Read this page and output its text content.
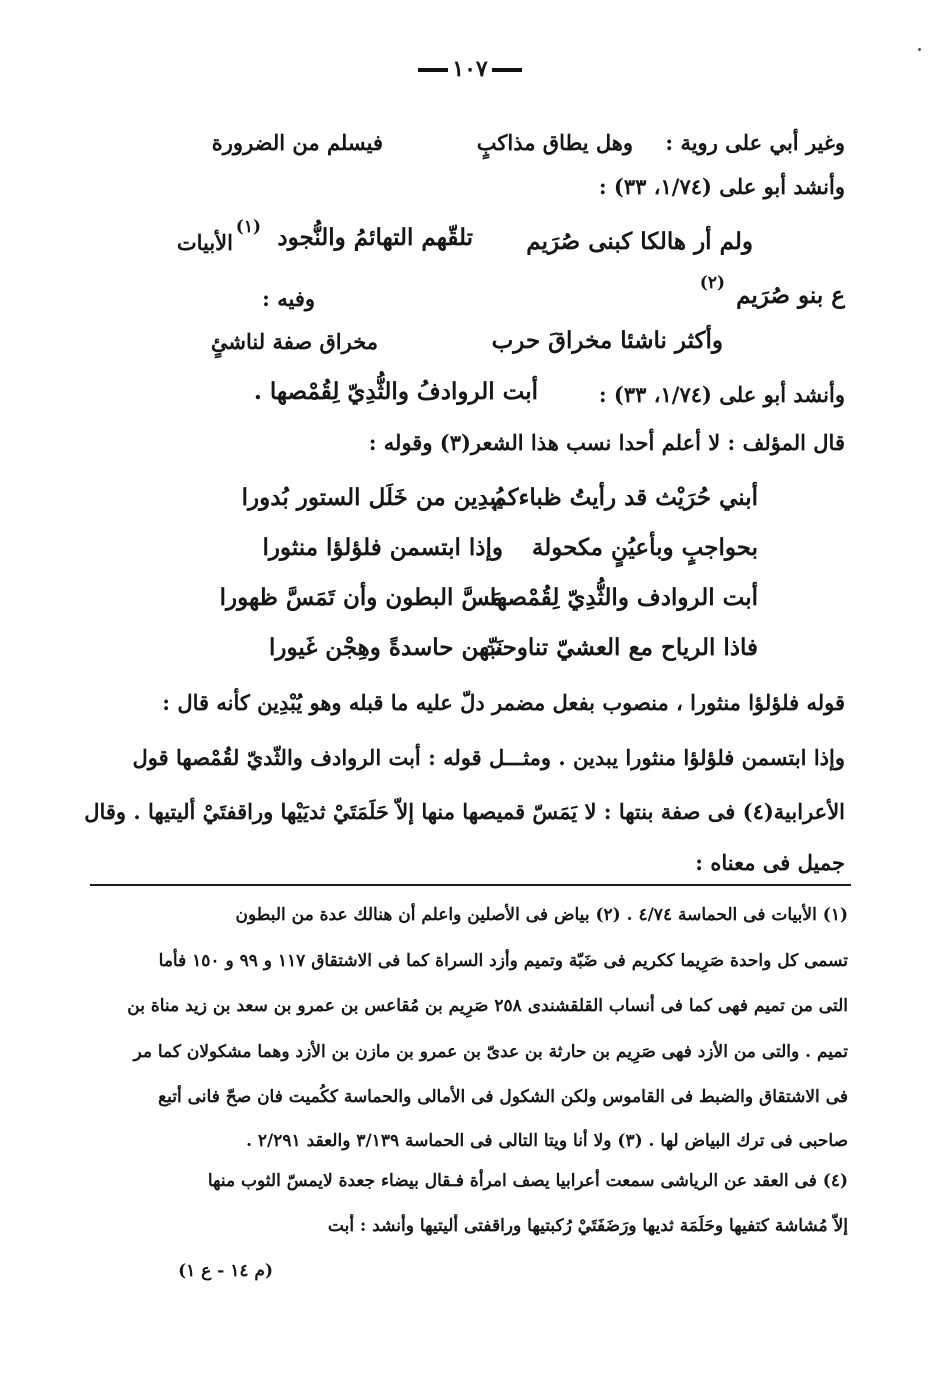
١٠٧
وغير أبي على روية :
وهل يطاق مذاكبٍ
فيسلم من الضرورة
وأنشد أبو على (١/٧٤، ٣٣) :
ولم أر هالكا كبنى صُرَيم
تلقّهم التهائمُ والنُّجود
(١)
الأبيات
ع بنو صُرَيم
(٢)
وفيه :
وأكثر ناشئا مخراقَ حرب
مخراق صفة لناشئٍ
وأنشد أبو على (١/٧٤، ٣٣) :
أبت الروادفُ والثُّدِيّ لِقُمْصها .
قال المؤلف : لا أعلم أحدا نسب هذا الشعر(٣) وقوله :
أبني حُرَيْث قد رأيتُ ظباءكم
يُبدِين من خَلَل الستور بُدورا
بحواجبٍ وبأعيُنٍ مكحولة
وإذا ابتسمن فلؤلؤا منثورا
أبت الروادف والثُّدِيّ لِقُمْصها
مَسَّ البطون وأن تَمَسَّ ظهورا
فاذا الرياح مع العشيّ تناوحت
نَبّهن حاسدةً وهِجْن غَيورا
قوله فلؤلؤا منثورا ، منصوب بفعل مضمر دلّ عليه ما قبله وهو يُبْدِين كأنه قال :
وإذا ابتسمن فلؤلؤا منثورا يبدين . ومثـــل قوله : أبت الروادف والثّديّ لقُمْصها قول
الأعرابية(٤) فى صفة بنتها : لا يَمَسّ قميصها منها إلاّ حَلَمَتَيْ ثديَيْها وراقفتَيْ أليتيها . وقال
جميل فى معناه :
(١) الأبيات فى الحماسة ٤/٧٤ . (٢) بياض فى الأصلين واعلم أن هنالك عدة من البطون
تسمى كل واحدة صَرِيما ككريم فى ضَبّة وتميم وأزد السراة كما فى الاشتقاق ١١٧ و ٩٩ و ١٥٠ فأما
التى من تميم فهى كما فى أنساب القلقشندى ٢٥٨ صَرِيم بن مُقاعس بن عمرو بن سعد بن زيد مناة بن
تميم . والتى من الأزد فهى صَرِيم بن حارثة بن عدىّ بن عمرو بن مازن بن الأزد وهما مشكولان كما مر
فى الاشتقاق والضبط فى القاموس ولكن الشكول فى الأمالى والحماسة ككُميت فان صحّ فانى أتبع
صاحبى فى ترك البياض لها . (٣) ولا أنا ويتا التالى فى الحماسة ٣/١٣٩ والعقد ٢/٢٩١ .
(٤) فى العقد عن الرياشى سمعت أعرابيا يصف امرأة فـقال بيضاء جعدة لايمسّ الثوب منها
إلاّ مُشاشة كتفيها وحَلَمَة ثديها ورَضَفَتَيْ رُكبتيها وراقفتى أليتيها وأنشد : أبت
(م ١٤ - ع ١)
